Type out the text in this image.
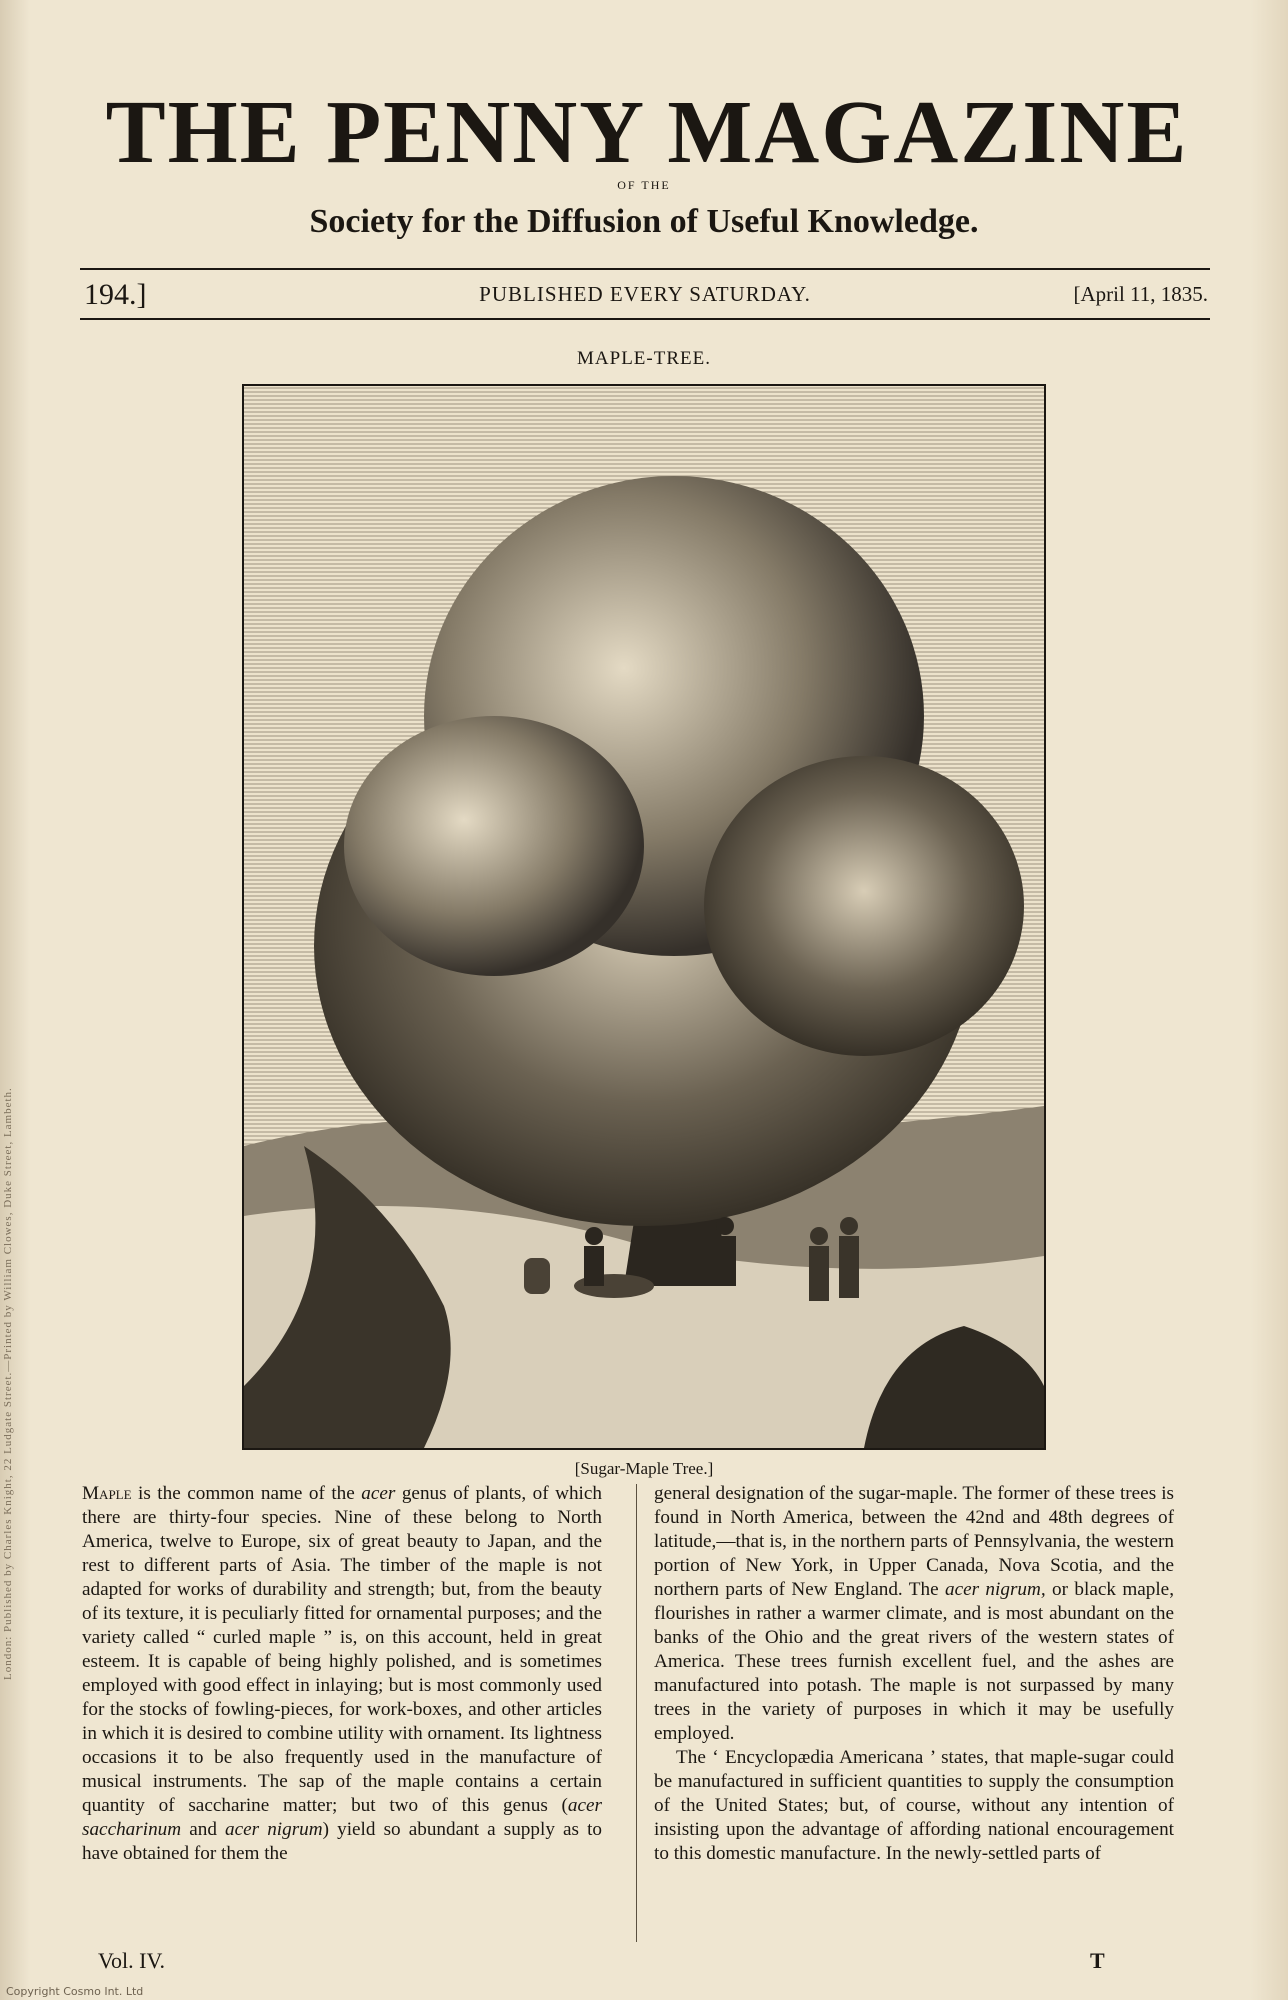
London: Published by Charles Knight, 22 Ludgate Street.—Printed by William Clowes, Duke Street, Lambeth.
THE PENNY MAGAZINE
OF THE
Society for the Diffusion of Useful Knowledge.
194.]	PUBLISHED EVERY SATURDAY.	[April 11, 1835.
MAPLE-TREE.
[Sugar-Maple Tree.]

Maple is the common name of the acer genus of plants, of which there are thirty-four species. Nine of these belong to North America, twelve to Europe, six of great beauty to Japan, and the rest to different parts of Asia. The timber of the maple is not adapted for works of durability and strength; but, from the beauty of its texture, it is peculiarly fitted for ornamental purposes; and the variety called “ curled maple ” is, on this account, held in great esteem. It is capable of being highly polished, and is sometimes employed with good effect in inlaying; but is most commonly used for the stocks of fowling-pieces, for work-boxes, and other articles in which it is desired to combine utility with ornament. Its lightness occasions it to be also frequently used in the manufacture of musical instruments. The sap of the maple contains a certain quantity of saccharine matter; but two of this genus (acer saccharinum and acer nigrum) yield so abundant a supply as to have obtained for them the

general designation of the sugar-maple. The former of these trees is found in North America, between the 42nd and 48th degrees of latitude,—that is, in the northern parts of Pennsylvania, the western portion of New York, in Upper Canada, Nova Scotia, and the northern parts of New England. The acer nigrum, or black maple, flourishes in rather a warmer climate, and is most abundant on the banks of the Ohio and the great rivers of the western states of America. These trees furnish excellent fuel, and the ashes are manufactured into potash. The maple is not surpassed by many trees in the variety of purposes in which it may be usefully employed.

The ‘ Encyclopædia Americana ’ states, that maple-sugar could be manufactured in sufficient quantities to supply the consumption of the United States; but, of course, without any intention of insisting upon the advantage of affording national encouragement to this domestic manufacture. In the newly-settled parts of

Vol. IV.	T
Copyright Cosmo Int. Ltd
